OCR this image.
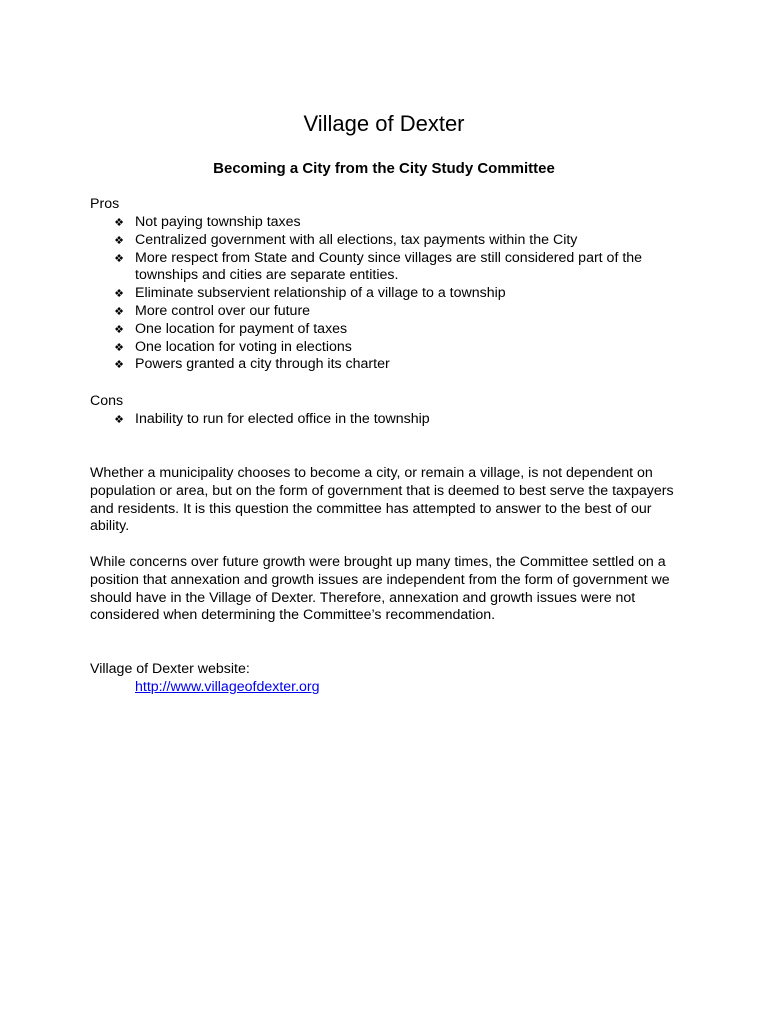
Village of Dexter
Becoming a City from the City Study Committee
Pros
❖ Not paying township taxes
❖ Centralized government with all elections, tax payments within the City
❖ More respect from State and County since villages are still considered part of the townships and cities are separate entities.
❖ Eliminate subservient relationship of a village to a township
❖ More control over our future
❖ One location for payment of taxes
❖ One location for voting in elections
❖ Powers granted a city through its charter
Cons
❖ Inability to run for elected office in the township
Whether a municipality chooses to become a city, or remain a village, is not dependent on population or area, but on the form of government that is deemed to best serve the taxpayers and residents. It is this question the committee has attempted to answer to the best of our ability.
While concerns over future growth were brought up many times, the Committee settled on a position that annexation and growth issues are independent from the form of government we should have in the Village of Dexter. Therefore, annexation and growth issues were not considered when determining the Committee’s recommendation.
Village of Dexter website:
http://www.villageofdexter.org
